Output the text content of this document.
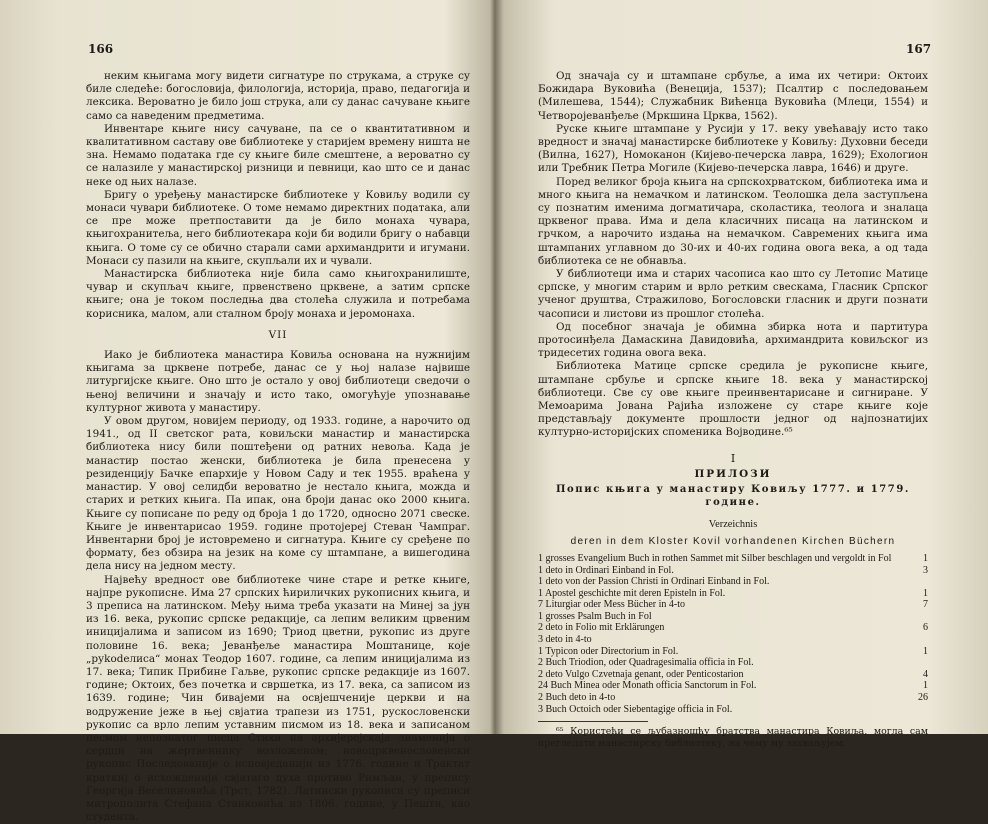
166

неким књигама могу видети сигнатуре по струкама, а струке су биле следеће: богословија, филологија, историја, право, педагогија и лексика. Вероватно је било још струка, али су данас сачуване књиге само са наведеним предметима.

Инвентаре књиге нису сачуване, па се о квантитативном и квалитативном саставу ове библиотеке у старијем времену ништа не зна. Немамо података где су књиге биле смештене, а вероватно су се налазиле у манастирској ризници и певници, као што се и данас неке од њих налазе.

Бригу о уређењу манастирске библиотеке у Ковиљу водили су монаси чувари библиотеке. О томе немамо директних података, али се пре може претпоставити да је било монаха чувара, књигохранитеља, него библиотекара који би водили бригу о набавци књига. О томе су се обично старали сами архимандрити и игумани. Монаси су пазили на књиге, скупљали их и чували.

Манастирска библиотека није била само књигохранилиште, чувар и скупљач књиге, првенствено црквене, а затим српске књиге; она је током последња два столећа служила и потребама корисника, малом, али сталном броју монаха и јеромонаха.

VII

Иако је библиотека манастира Ковиља основана на нужнијим књигама за црквене потребе, данас се у њој налазе највише литургијске књиге. Оно што је остало у овој библиотеци сведочи о њеној величини и значају и исто тако, омогућује упознавање културног живота у манастиру.

У овом другом, новијем периоду, од 1933. године, а нарочито од 1941., од II светског рата, ковиљски манастир и манастирска библиотека нису били поштеђени од ратних невоља. Када је манастир постао женски, библиотека је била пренесена у резиденцију Бачке епархије у Новом Саду и тек 1955. враћена у манастир. У овој селидби вероватно је нестало књига, можда и старих и ретких књига. Па ипак, она броји данас око 2000 књига. Књиге су пописане по реду од броја 1 до 1720, односно 2071 свеске. Књиге је инвентарисао 1959. године протојереј Стеван Чампраг. Инвентарни број је истовремено и сигнатура. Књиге су сређене по формату, без обзира на језик на коме су штампане, а вишегодина дела нису на једном месту.

Највећу вредност ове библиотеке чине старе и ретке књиге, најпре рукописне. Има 27 српских ћириличких рукописних књига, и 3 преписа на латинском. Међу њима треба указати на Минеј за јун из 16. века, рукопис српске редакције, са лепим великим црвеним иницијалима и записом из 1690; Триод цветни, рукопис из друге половине 16. века; Јеванђеље манастира Моштанице, које „руkodeлиса“ монах Теодор 1607. године, са лепим иницијалима из 17. века; Типик Прибине Гаљве, рукопис српске редакције из 1607. године; Октоих, без почетка и свршетка, из 17. века, са записом из 1639. године; Чин бивајеми на освјешченије церкви и на водружение јеже в њеј свјатиа трапези из 1751, рускословенски рукопис са врло лепим уставним писмом из 18. века и записаном песмом непознатог писца Стихи на архијерејскаја знаменија о сердци на жертвеннику возложеном; новоцрквенословенски рукопис Последованије о исповједанији из 1776. године и Трактат краткиј о исхожденији свјатаго духа противо Римљан, у препису Георгија Веселиновића (Трст, 1782). Латински рукописи су преписи митрополита Стефана Станковића из 1806. године, у Пешти, као студента.

167

Од значаја су и штампане србуље, а има их четири: Октоих Божидара Вуковића (Венеција, 1537); Псалтир с последовањем (Милешева, 1544); Служабник Вићенца Вуковића (Млеци, 1554) и Четвороjеванђеље (Мркшина Црква, 1562).

Руске књиге штампане у Русији у 17. веку увећавају исто тако вредност и значај манастирске библиотеке у Ковиљу: Духовни беседи (Вилна, 1627), Номоканон (Кијево-печерска лавра, 1629); Ехологион или Требник Петра Могиле (Кијево-печерска лавра, 1646) и друге.

Поред великог броја књига на српскохрватском, библиотека има и много књига на немачком и латинском. Теолошка дела заступљена су познатим именима догматичара, сколастика, теолога и зналаца црквеног права. Има и дела класичних писаца на латинском и грчком, а нарочито издања на немачком. Савремених књига има штампаних углавном до 30-их и 40-их година овога века, а од тада библиотека се не обнавља.

У библиотеци има и старих часописа као што су Летопис Матице српске, у многим старим и врло ретким свескама, Гласник Српског ученог друштва, Стражилово, Богословски гласник и други познати часописи и листови из прошлог столећа.

Од посебног значаја је обимна збирка нота и партитура протосинђела Дамаскина Давидовића, архимандрита ковиљског из тридесетих година овога века.

Библиотека Матице српске средила је рукописне књиге, штампане србуље и српске књиге 18. века у манастирској библиотеци. Све су ове књиге преинвентарисане и сигниране. У Мемоарима Јована Рајића изложене су старе књиге које представљају документе прошлости једног од најпознатијих културно-историјских споменика Војводине.⁶⁵

I
ПРИЛОЗИ
Попис књига у манастиру Ковиљу 1777. и 1779. године.
Verzeichnis
deren in dem Kloster Kovil vorhandenen Kirchen Büchern
1 grosses Evangelium Buch in rothen Sammet mit Silber beschlagen und vergoldt in Fol	1
1 deto in Ordinari Einband in Fol.	3
1 deto von der Passion Christi in Ordinari Einband in Fol.
1 Apostel geschichte mit deren Episteln in Fol.	1
7 Liturgiar oder Mess Bücher in 4-to	7
1 grosses Psalm Buch in Fol
2 deto in Folio mit Erklärungen	6
3 deto in 4-to
1 Typicon oder Directorium in Fol.	1
2 Buch Triodion, oder Quadragesimalia officia in Fol.
2 deto Vulgo Czvetnaja genant, oder Penticostarion	4
24 Buch Minea oder Monath officia Sanctorum in Fol.	1
2 Buch deto in 4-to	26
3 Buch Octoich oder Siebentagige officia in Fol.
⁶⁵ Користећи се љубазношћу братства манастира Ковиља, могла сам прегледати манастирску библиотеку, на чему му захваљујем.
